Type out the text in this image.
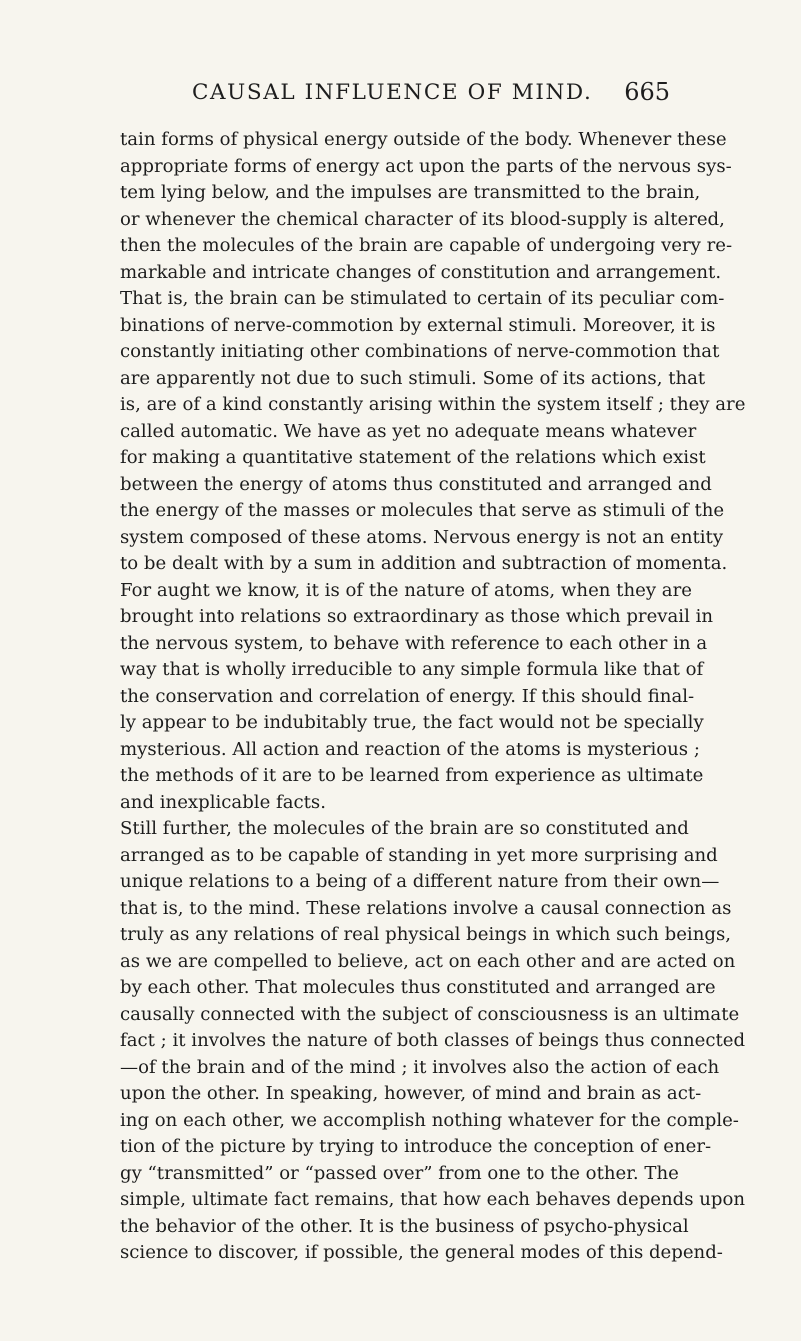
CAUSAL INFLUENCE OF MIND. 665
tain forms of physical energy outside of the body. Whenever these
appropriate forms of energy act upon the parts of the nervous sys-
tem lying below, and the impulses are transmitted to the brain,
or whenever the chemical character of its blood-supply is altered,
then the molecules of the brain are capable of undergoing very re-
markable and intricate changes of constitution and arrangement.
That is, the brain can be stimulated to certain of its peculiar com-
binations of nerve-commotion by external stimuli. Moreover, it is
constantly initiating other combinations of nerve-commotion that
are apparently not due to such stimuli. Some of its actions, that
is, are of a kind constantly arising within the system itself ; they are
called automatic. We have as yet no adequate means whatever
for making a quantitative statement of the relations which exist
between the energy of atoms thus constituted and arranged and
the energy of the masses or molecules that serve as stimuli of the
system composed of these atoms. Nervous energy is not an entity
to be dealt with by a sum in addition and subtraction of momenta.
For aught we know, it is of the nature of atoms, when they are
brought into relations so extraordinary as those which prevail in
the nervous system, to behave with reference to each other in a
way that is wholly irreducible to any simple formula like that of
the conservation and correlation of energy. If this should final-
ly appear to be indubitably true, the fact would not be specially
mysterious. All action and reaction of the atoms is mysterious ;
the methods of it are to be learned from experience as ultimate
and inexplicable facts.
Still further, the molecules of the brain are so constituted and
arranged as to be capable of standing in yet more surprising and
unique relations to a being of a different nature from their own—
that is, to the mind. These relations involve a causal connection as
truly as any relations of real physical beings in which such beings,
as we are compelled to believe, act on each other and are acted on
by each other. That molecules thus constituted and arranged are
causally connected with the subject of consciousness is an ultimate
fact ; it involves the nature of both classes of beings thus connected
—of the brain and of the mind ; it involves also the action of each
upon the other. In speaking, however, of mind and brain as act-
ing on each other, we accomplish nothing whatever for the comple-
tion of the picture by trying to introduce the conception of ener-
gy “transmitted” or “passed over” from one to the other. The
simple, ultimate fact remains, that how each behaves depends upon
the behavior of the other. It is the business of psycho-physical
science to discover, if possible, the general modes of this depend-
